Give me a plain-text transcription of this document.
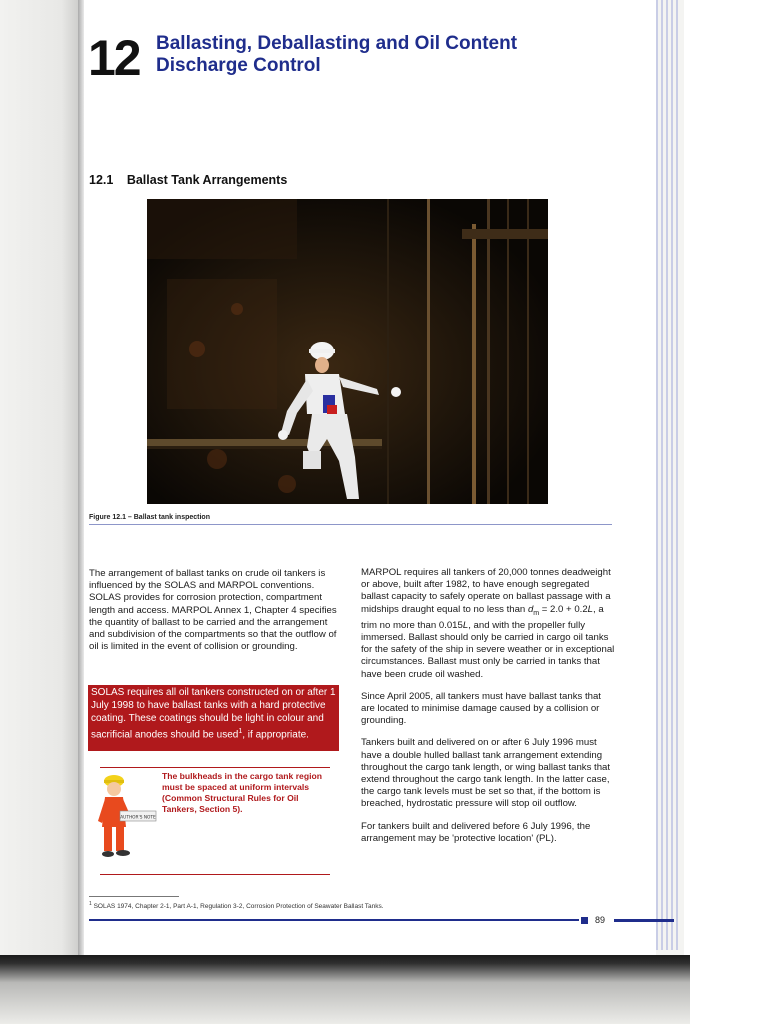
12 Ballasting, Deballasting and Oil Content Discharge Control
12.1 Ballast Tank Arrangements
Figure 12.1 – Ballast tank inspection

The arrangement of ballast tanks on crude oil tankers is influenced by the SOLAS and MARPOL conventions. SOLAS provides for corrosion protection, compartment length and access. MARPOL Annex 1, Chapter 4 specifies the quantity of ballast to be carried and the arrangement and subdivision of the compartments so that the outflow of oil is limited in the event of collision or grounding.

SOLAS requires all oil tankers constructed on or after 1 July 1998 to have ballast tanks with a hard protective coating. These coatings should be light in colour and sacrificial anodes should be used$^1$, if appropriate.
AUTHOR'S NOTE
The bulkheads in the cargo tank region must be spaced at uniform intervals (Common Structural Rules for Oil Tankers, Section 5).

MARPOL requires all tankers of 20,000 tonnes deadweight or above, built after 1982, to have enough segregated ballast capacity to safely operate on ballast passage with a midships draught equal to no less than $d_m = 2.0 + 0.2L$, a trim no more than 0.015L, and with the propeller fully immersed. Ballast should only be carried in cargo oil tanks for the safety of the ship in severe weather or in exceptional circumstances. Ballast must only be carried in tanks that have been crude oil washed.

Since April 2005, all tankers must have ballast tanks that are located to minimise damage caused by a collision or grounding.

Tankers built and delivered on or after 6 July 1996 must have a double hulled ballast tank arrangement extending throughout the cargo tank length, or wing ballast tanks that extend throughout the cargo tank length. In the latter case, the cargo tank levels must be set so that, if the bottom is breached, hydrostatic pressure will stop oil outflow.

For tankers built and delivered before 6 July 1996, the arrangement may be 'protective location' (PL).

$^1$ SOLAS 1974, Chapter 2-1, Part A-1, Regulation 3-2, Corrosion Protection of Seawater Ballast Tanks.
89
